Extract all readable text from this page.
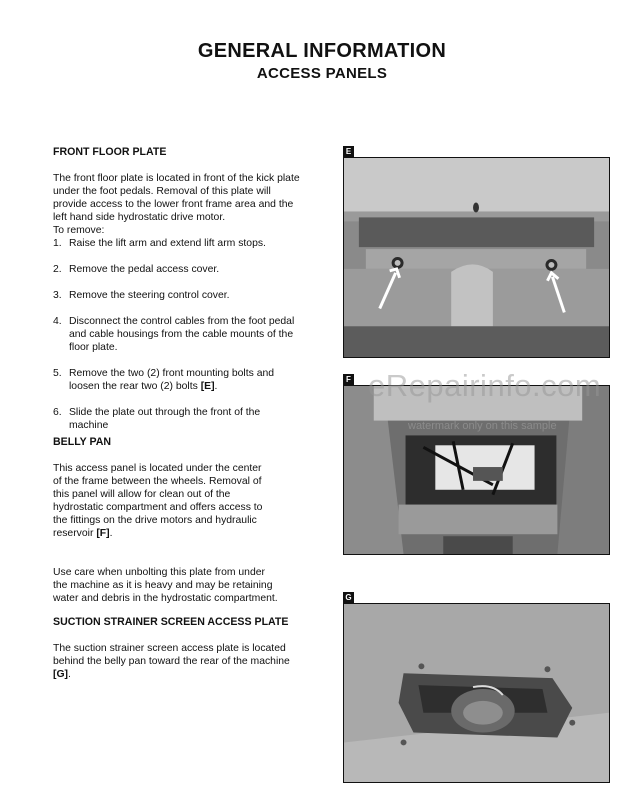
GENERAL INFORMATION
ACCESS PANELS
FRONT FLOOR PLATE

The front floor plate is located in front of the kick plate
under the foot pedals. Removal of this plate will
provide access to the lower front frame area and the
left hand side hydrostatic drive motor.
To remove:

1. Raise the lift arm and extend lift arm stops.
2. Remove the pedal access cover.
3. Remove the steering control cover.
4. Disconnect the control cables from the foot pedal
and cable housings from the cable mounts of the
floor plate.
5. Remove the two (2) front mounting bolts and
loosen the rear two (2) bolts [E].
6. Slide the plate out through the front of the
machine
BELLY PAN

This access panel is located under the center
of the frame between the wheels. Removal of
this panel will allow for clean out of the
hydrostatic compartment and offers access to
the fittings on the drive motors and hydraulic
reservoir [F].

Use care when unbolting this plate from under
the machine as it is heavy and may be retaining
water and debris in the hydrostatic compartment.

SUCTION STRAINER SCREEN ACCESS PLATE

The suction strainer screen access plate is located
behind the belly pan toward the rear of the machine
[G].

E
F
G
eRepairinfo.com
watermark only on this sample
